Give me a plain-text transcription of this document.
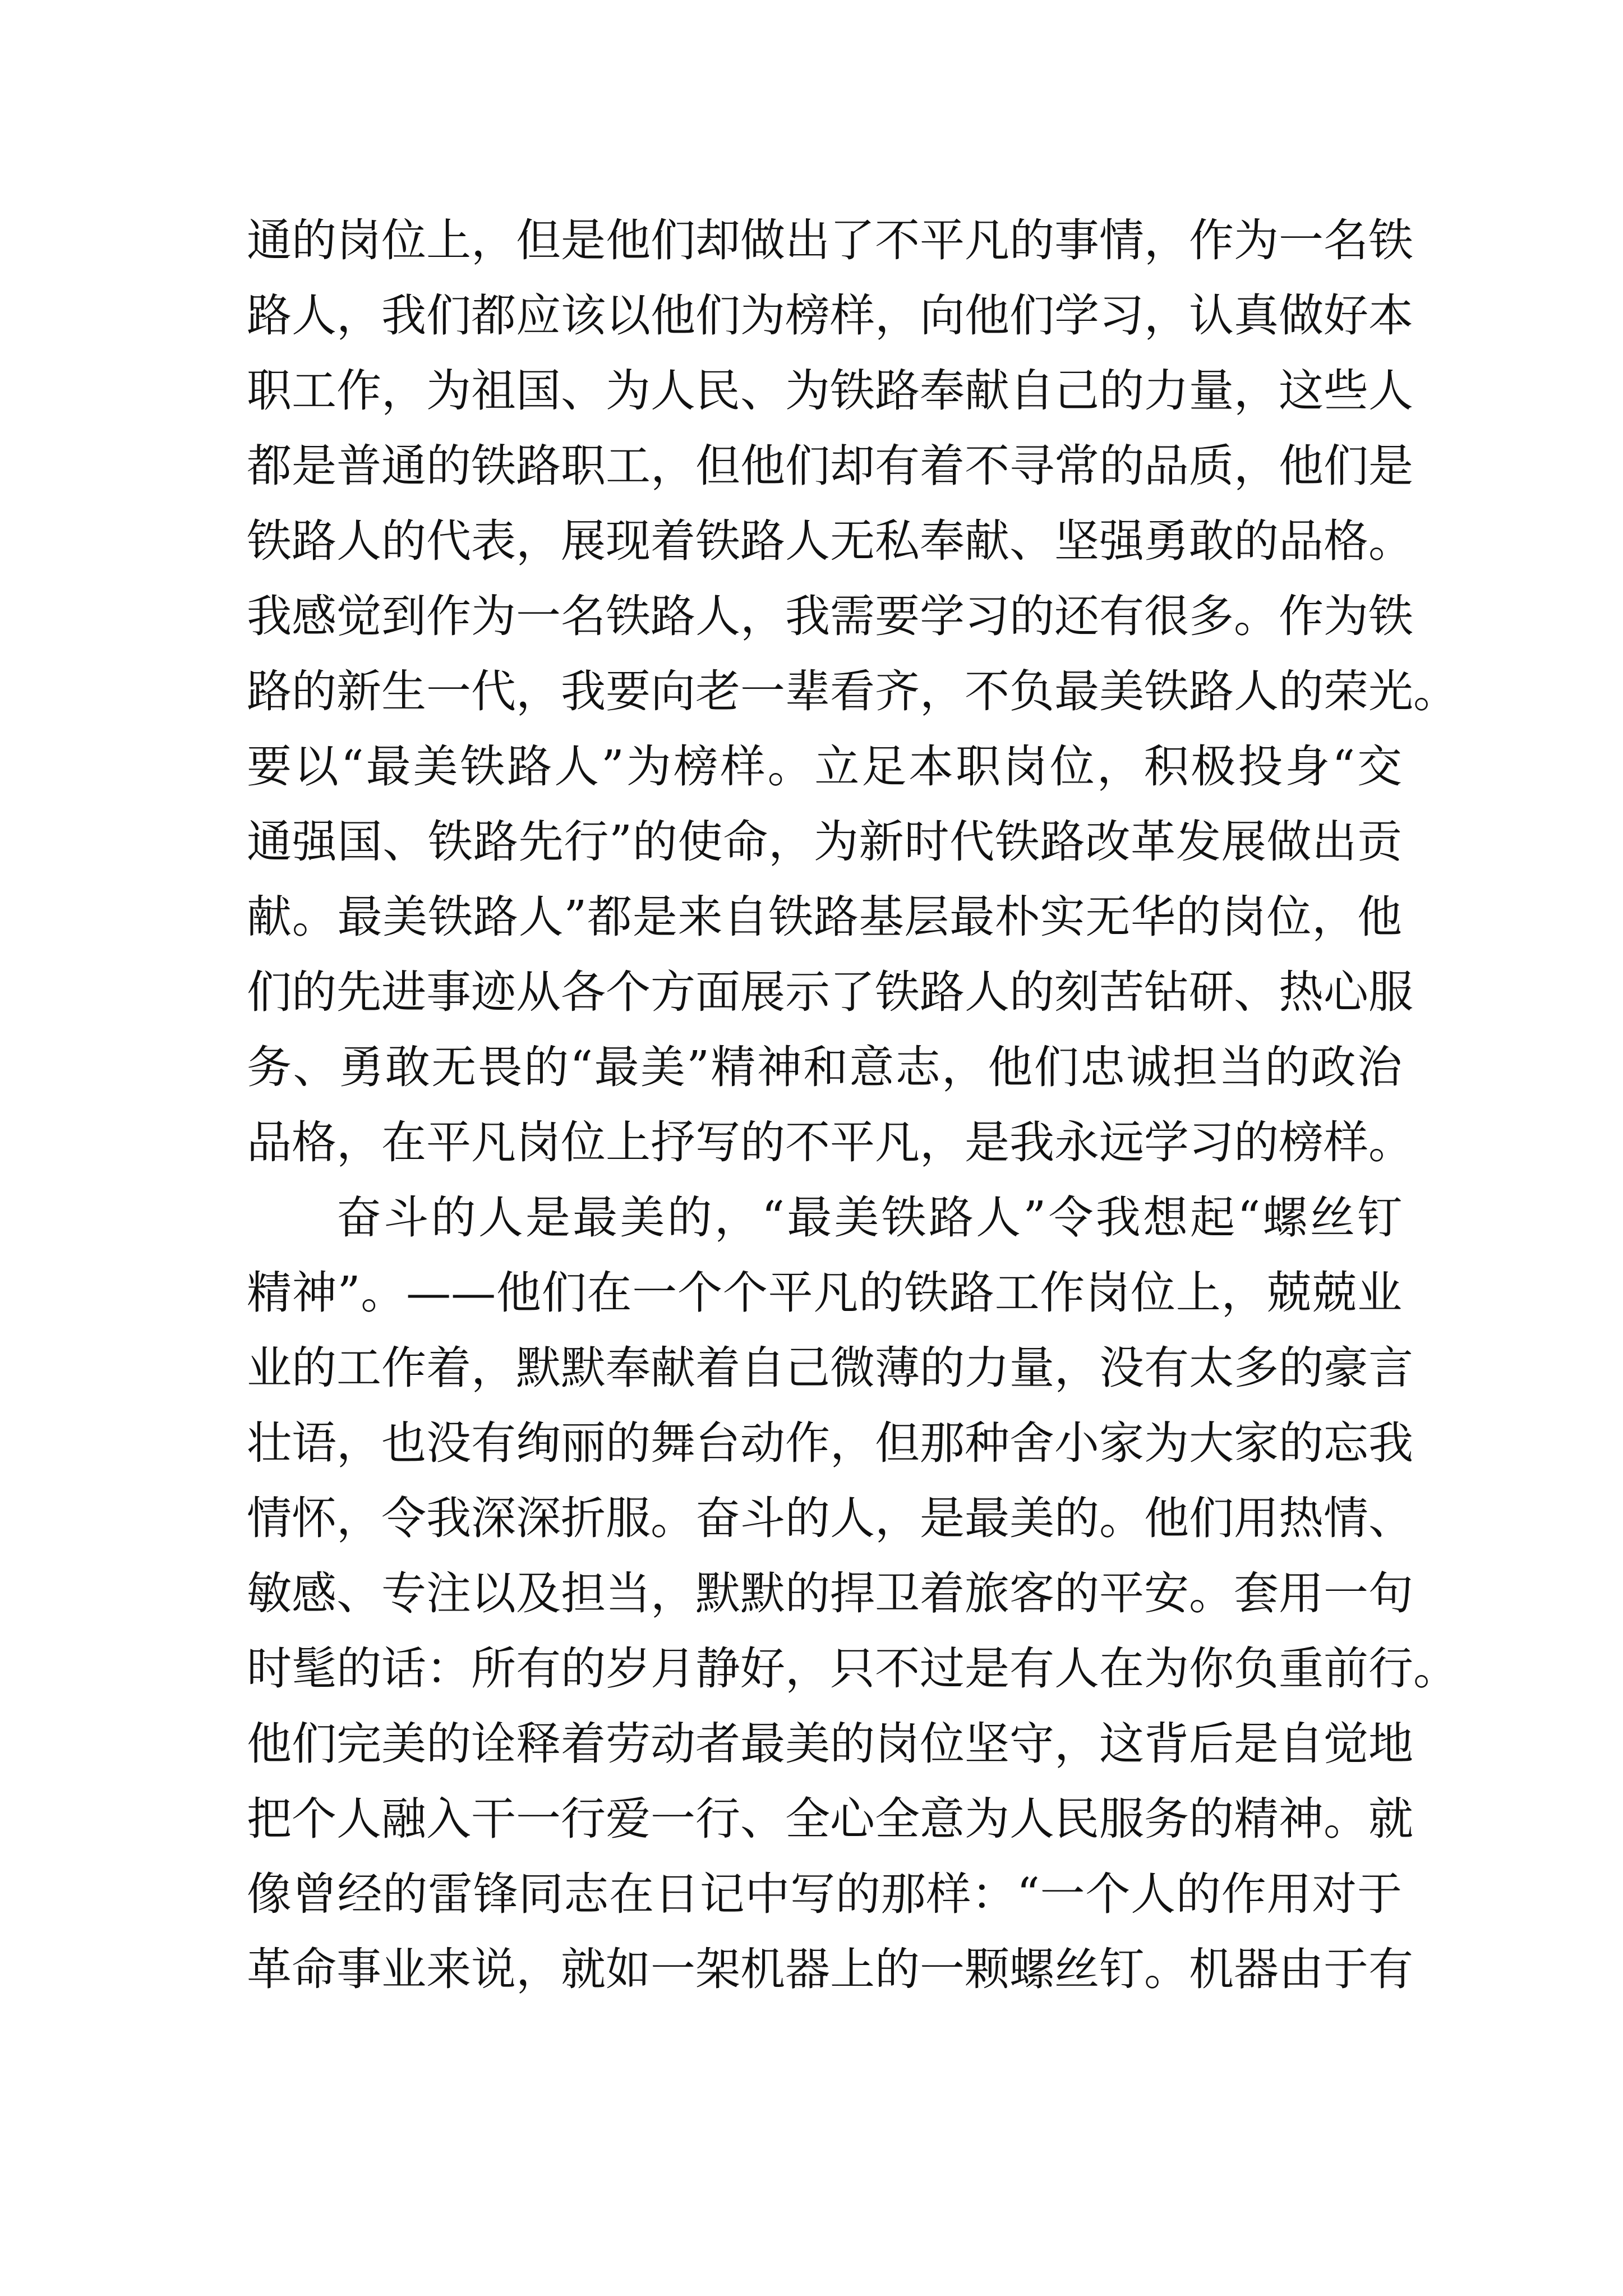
通的岗位上，但是他们却做出了不平凡的事情，作为一名铁
路人，我们都应该以他们为榜样，向他们学习，认真做好本
职工作，为祖国、为人民、为铁路奉献自己的力量，这些人
都是普通的铁路职工，但他们却有着不寻常的品质，他们是
铁路人的代表，展现着铁路人无私奉献、坚强勇敢的品格。
我感觉到作为一名铁路人，我需要学习的还有很多。作为铁
路的新生一代，我要向老一辈看齐，不负最美铁路人的荣光。
要以“最美铁路人”为榜样。立足本职岗位，积极投身“交
通强国、铁路先行”的使命，为新时代铁路改革发展做出贡
献。最美铁路人”都是来自铁路基层最朴实无华的岗位，他
们的先进事迹从各个方面展示了铁路人的刻苦钻研、热心服
务、勇敢无畏的“最美”精神和意志，他们忠诚担当的政治
品格，在平凡岗位上抒写的不平凡，是我永远学习的榜样。
奋斗的人是最美的，“最美铁路人”令我想起“螺丝钉
精神”。——他们在一个个平凡的铁路工作岗位上，兢兢业
业的工作着，默默奉献着自己微薄的力量，没有太多的豪言
壮语，也没有绚丽的舞台动作，但那种舍小家为大家的忘我
情怀，令我深深折服。奋斗的人，是最美的。他们用热情、
敏感、专注以及担当，默默的捍卫着旅客的平安。套用一句
时髦的话：所有的岁月静好，只不过是有人在为你负重前行。
他们完美的诠释着劳动者最美的岗位坚守，这背后是自觉地
把个人融入干一行爱一行、全心全意为人民服务的精神。就
像曾经的雷锋同志在日记中写的那样：“一个人的作用对于
革命事业来说，就如一架机器上的一颗螺丝钉。机器由于有
